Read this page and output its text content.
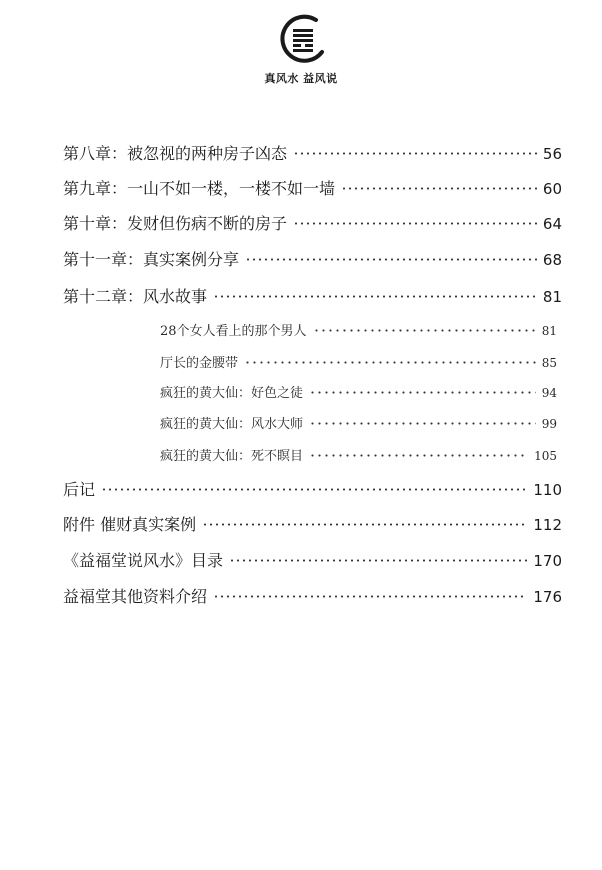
真风水 益风说
第八章：被忽视的两种房子凶态	56
第九章：一山不如一楼，一楼不如一墙	60
第十章：发财但伤病不断的房子	64
第十一章：真实案例分享	68
第十二章：风水故事	81
28个女人看上的那个男人	81
厅长的金腰带	85
疯狂的黄大仙：好色之徒	94
疯狂的黄大仙：风水大师	99
疯狂的黄大仙：死不瞑目	105
后记	110
附件 催财真实案例	112
《益福堂说风水》目录	170
益福堂其他资料介绍	176
